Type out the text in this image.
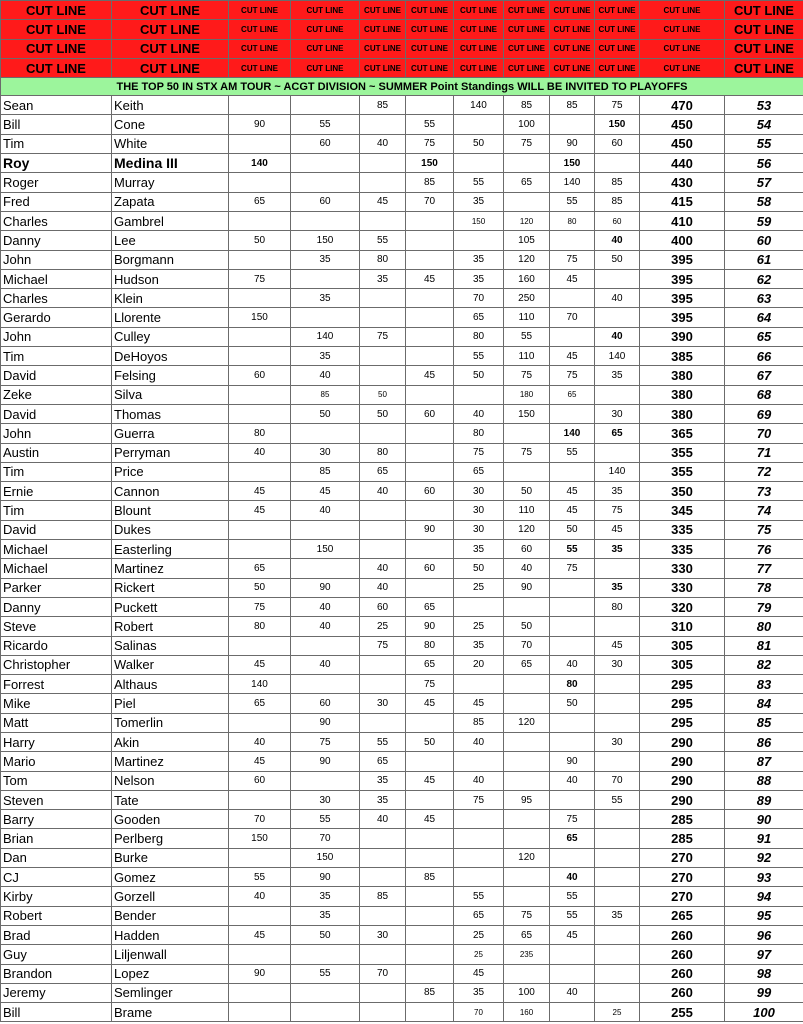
CUT LINE	CUT LINE	CUT LINE	CUT LINE	CUT LINE	CUT LINE	CUT LINE	CUT LINE	CUT LINE	CUT LINE	CUT LINE	CUT LINE
CUT LINE	CUT LINE	CUT LINE	CUT LINE	CUT LINE	CUT LINE	CUT LINE	CUT LINE	CUT LINE	CUT LINE	CUT LINE	CUT LINE
CUT LINE	CUT LINE	CUT LINE	CUT LINE	CUT LINE	CUT LINE	CUT LINE	CUT LINE	CUT LINE	CUT LINE	CUT LINE	CUT LINE
CUT LINE	CUT LINE	CUT LINE	CUT LINE	CUT LINE	CUT LINE	CUT LINE	CUT LINE	CUT LINE	CUT LINE	CUT LINE	CUT LINE
THE TOP 50 IN STX AM TOUR ~ ACGT DIVISION ~ SUMMER Point Standings WILL BE INVITED TO PLAYOFFS											
Sean	Keith			85		140	85	85	75	470	53
Bill	Cone	90	55		55		100		150	450	54
Tim	White		60	40	75	50	75	90	60	450	55
Roy	Medina III	140			150			150		440	56
Roger	Murray				85	55	65	140	85	430	57
Fred	Zapata	65	60	45	70	35		55	85	415	58
Charles	Gambrel					150	120	80	60	410	59
Danny	Lee	50	150	55			105		40	400	60
John	Borgmann		35	80		35	120	75	50	395	61
Michael	Hudson	75		35	45	35	160	45		395	62
Charles	Klein		35			70	250		40	395	63
Gerardo	Llorente	150				65	110	70		395	64
John	Culley		140	75		80	55		40	390	65
Tim	DeHoyos		35			55	110	45	140	385	66
David	Felsing	60	40		45	50	75	75	35	380	67
Zeke	Silva		85	50			180	65		380	68
David	Thomas		50	50	60	40	150		30	380	69
John	Guerra	80				80		140	65	365	70
Austin	Perryman	40	30	80		75	75	55		355	71
Tim	Price		85	65		65			140	355	72
Ernie	Cannon	45	45	40	60	30	50	45	35	350	73
Tim	Blount	45	40			30	110	45	75	345	74
David	Dukes				90	30	120	50	45	335	75
Michael	Easterling		150			35	60	55	35	335	76
Michael	Martinez	65		40	60	50	40	75		330	77
Parker	Rickert	50	90	40		25	90		35	330	78
Danny	Puckett	75	40	60	65				80	320	79
Steve	Robert	80	40	25	90	25	50			310	80
Ricardo	Salinas			75	80	35	70		45	305	81
Christopher	Walker	45	40		65	20	65	40	30	305	82
Forrest	Althaus	140			75			80		295	83
Mike	Piel	65	60	30	45	45		50		295	84
Matt	Tomerlin		90			85	120			295	85
Harry	Akin	40	75	55	50	40			30	290	86
Mario	Martinez	45	90	65				90		290	87
Tom	Nelson	60		35	45	40		40	70	290	88
Steven	Tate		30	35		75	95		55	290	89
Barry	Gooden	70	55	40	45			75		285	90
Brian	Perlberg	150	70					65		285	91
Dan	Burke		150				120			270	92
CJ	Gomez	55	90		85			40		270	93
Kirby	Gorzell	40	35	85		55		55		270	94
Robert	Bender		35			65	75	55	35	265	95
Brad	Hadden	45	50	30		25	65	45		260	96
Guy	Liljenwall					25	235			260	97
Brandon	Lopez	90	55	70		45				260	98
Jeremy	Semlinger				85	35	100	40		260	99
Bill	Brame					70	160		25	255	100
